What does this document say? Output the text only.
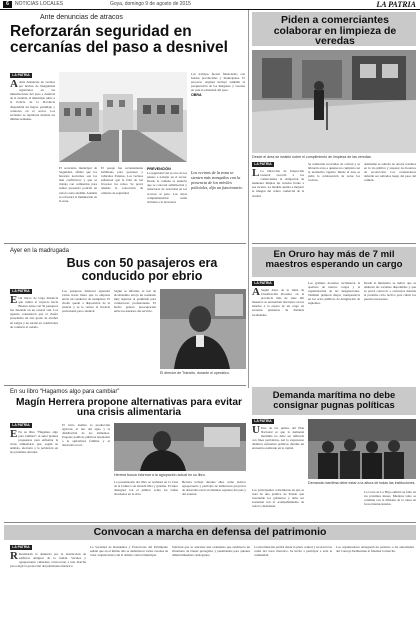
6	NOTICIAS LOCALES	Goya, domingo 9 de agosto de 2015	LA PATRIA
Ante denuncias de atracos
Reforzarán seguridad en cercanías del paso a desnivel
LA PATRIA
A Ante denuncias de vecinos por hechos de inseguridad registrados en las inmediaciones del paso a desnivel de la avenida, el municipio junto a la Policía de la Provincia dispondrán un mayor patrullaje y controles en el sector. Los reclamos se repitieron durante las últimas semanas.
El secretario municipal de Seguridad, afirmó que los horarios nocturnos son los más conflictivos y que se trabaja con comisarías para sumar presencia policial en toda la zona aledaña. Además se reforzará la iluminación en la zona.
El pasaje fue recientemente habilitado para peatones y vehículos livianos. Los vecinos señalaron que la falta de luz favorece los robos. Se prevé además la colocación de cámaras de seguridad.
PREVENCIÓN
La seguridad vial es otro de los puntos a trabajar en el sector. Desde la comuna se anunció que se colocará señalización y reductores de velocidad en los accesos al paso. Las obras complementarias serán licitadas a la brevedad.
Los trabajos fueron financiados con fondos provinciales y municipales. El proyecto original incluye también la parquización de los márgenes y veredas en toda la extensión del paso.
OBRA
Los vecinos de la zona se sienten más tranquilos con la presencia de los móviles policiales, dijo un funcionario.
Piden a comerciantes colaborar en limpieza de veredas
Desde el área se insistió sobre el cumplimiento de limpieza de las veredas.
LA PATRIA
L La Dirección de Inspección General recordó a los comerciantes la obligación de mantener limpias las veredas frente a sus locales. La medida apunta a mejorar la imagen del centro comercial de la ciudad.
Se realizarán recorridas de control y se labrarán actas a quienes no cumplan con la normativa vigente. Desde el área se pidió la colaboración de todos los vecinos.
Asimismo se solicitó no arrojar residuos en la vía pública y respetar los horarios de recolección. Los contenedores deberán ser retirados luego del paso del camión.
Ayer en la madrugada
Bus con 50 pasajeros era conducido por ebrio
LA PATRIA
E Un micro de larga distancia que cubría el trayecto hacia Buenos Aires con 50 pasajeros fue detenido en un control vial. Los agentes constataron que el chofer presentaba un alto grado de alcohol en sangre y no estaba en condiciones de conducir el rodado.
Los pasajeros debieron aguardar varias horas hasta que la empresa envió un conductor de reemplazo. El chofer quedó a disposición de la justicia y se le retuvo la licencia profesional para conducir.
Según se informó, el test de alcoholemia arrojó un resultado muy superior al permitido para conductores profesionales. El hecho generó preocupación entre los usuarios del servicio.
El director de Tránsito, durante el operativo.
En Oruro hay más de 7 mil maestros esperando un cargo
LA PATRIA
A Según datos de la Junta de Clasificación Docente, en la provincia más de siete mil maestros se encuentran inscriptos en los listados a la espera de un cargo en escuelas primarias de distintas localidades.
Los gremios docentes reclamaron la apertura de nuevos cargos y la regularización de las designaciones. También pidieron mayor transparencia en los actos públicos de designación de suplentes.
Desde el ministerio se indicó que se analizan las vacantes disponibles y que se prevé convocar a concursos durante el próximo ciclo lectivo para cubrir los puestos necesarios.
En su libro “Hagamos algo para cambiar”
Magín Herrera propone alternativas para evitar una crisis alimentaria
LA PATRIA
E En su libro “Hagamos algo para cambiar”, el autor plantea propuestas para enfrentar la crisis alimentaria que, según su análisis, afectaría a la población en las próximas décadas.
El texto analiza la producción agrícola, el uso del agua y la distribución de los alimentos. Propone políticas públicas orientadas a la agricultura familiar y al desarrollo local.
Herrera busca informar a la agrupación actual en su libro.
La presentación del libro se realizará en la Casa de la Cultura con entrada libre y gratuita. El autor dialogará con el público sobre los temas abordados en la obra.
Herrera trabajó durante años como técnico agropecuario y participó de numerosos proyectos de desarrollo rural en distintas regiones del país y del exterior.
Demanda marítima no debe consignar pugnas políticas
LA PATRIA
U Uno de los puntos del Plan Nacional es que la demanda marítima no debe ser utilizada con fines partidarios. Así lo expresaron distintos referentes políticos durante un encuentro realizado en la capital.
Los participantes coincidieron en que se trata de una política de Estado que trasciende los gobiernos y debe ser sostenida con el acompañamiento de toda la ciudadanía.
Demanda marítima debe estar a la altura de todas las instituciones.
La Corte de La Haya emitirá su fallo en los próximos meses. Mientras tanto se continúa con la difusión de la causa en foros internacionales.
Convocan a marcha en defensa del patrimonio
LA PATRIA
R Realizarán la denuncia por la destrucción de edificios antiguos de la ciudad. Vecinos y agrupaciones culturales convocaron a una marcha para exigir la protección del patrimonio histórico.
La Sociedad de Residentes y Protectores del Patrimonio señaló que en el último año se demolieron varias casonas de valor arquitectónico sin el debido control municipal.
Solicitan que se sancione una ordenanza que establezca un inventario de bienes protegidos y penalidades para quienes dañen inmuebles catalogados.
La movilización partirá desde la plaza central y recorrerá las calles del casco histórico. Se invitó a participar a toda la comunidad.
Los organizadores entregarán un petitorio a las autoridades del Concejo Deliberante al finalizar la marcha.
